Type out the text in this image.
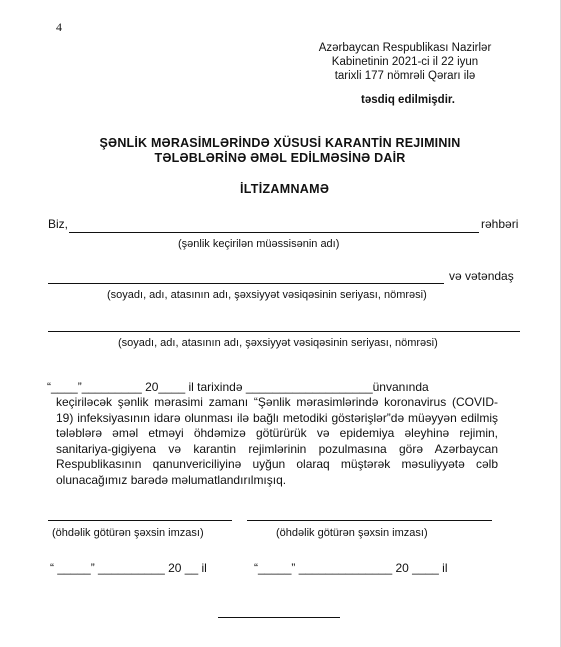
4
Azərbaycan Respublikası Nazirlər
Kabinetinin 2021-ci il 22 iyun
tarixli 177 nömrəli Qərarı ilə
təsdiq edilmişdir.
ŞƏNLİK MƏRASİMLƏRİNDƏ XÜSUSİ KARANTİN REJIMININ
TƏLƏBLƏRİNƏ ƏMƏL EDİLMƏSİNƏ DAİR
İLTİZAMNAMƏ
Biz,	rəhbəri
(şənlik keçirilən müəssisənin adı)
və vətəndaş
(soyadı, adı, atasının adı, şəxsiyyət vəsiqəsinin seriyası, nömrəsi)
(soyadı, adı, atasının adı, şəxsiyyət vəsiqəsinin seriyası, nömrəsi)
“____”_________ 20____ il tarixində ___________________ünvanında
keçiriləcək şənlik mərasimi zamanı “Şənlik mərasimlərində koronavirus (COVID-19) infeksiyasının idarə olunması ilə bağlı metodiki göstərişlər”də müəyyən edilmiş tələblərə əməl etməyi öhdəmizə götürürük və epidemiya əleyhinə rejimin, sanitariya-gigiyena və karantin rejimlərinin pozulmasına görə Azərbaycan Respublikasının qanunvericiliyinə uyğun olaraq müştərək məsuliyyətə cəlb olunacağımız barədə məlumatlandırılmışıq.
(öhdəlik götürən şəxsin imzası)	(öhdəlik götürən şəxsin imzası)
“ _____” __________ 20 __ il	“_____” ______________ 20 ____ il
